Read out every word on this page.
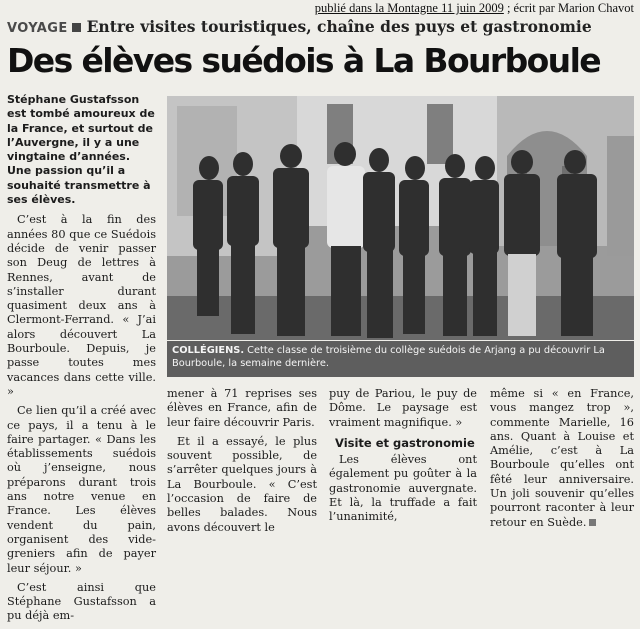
publié dans la Montagne 11 juin 2009 ; écrit par Marion Chavot
VOYAGE Entre visites touristiques, chaîne des puys et gastronomie
Des élèves suédois à La Bourboule

Stéphane Gustafsson est tombé amoureux de la France, et surtout de l’Auvergne, il y a une vingtaine d’années. Une passion qu’il a souhaité transmettre à ses élèves.

C’est à la fin des années 80 que ce Suédois décide de venir passer son Deug de lettres à Rennes, avant de s’installer durant quasiment deux ans à Clermont-Ferrand. « J’ai alors découvert La Bourboule. Depuis, je passe toutes mes vacances dans cette ville. »

Ce lien qu’il a créé avec ce pays, il a tenu à le faire partager. « Dans les établissements suédois où j’enseigne, nous préparons durant trois ans notre venue en France. Les élèves vendent du pain, organisent des vide-greniers afin de payer leur séjour. »

C’est ainsi que Stéphane Gustafsson a pu déjà em-

COLLÉGIENS. Cette classe de troisième du collège suédois de Arjang a pu découvrir La Bourboule, la semaine dernière.

mener à 71 reprises ses élèves en France, afin de leur faire découvrir Paris.

Et il a essayé, le plus souvent possible, de s’arrêter quelques jours à La Bourboule. « C’est l’occasion de faire de belles balades. Nous avons découvert le

puy de Pariou, le puy de Dôme. Le paysage est vraiment magnifique. »

Visite et gastronomie

Les élèves ont également pu goûter à la gastronomie auvergnate. Et là, la truffade a fait l’unanimité,

même si « en France, vous mangez trop », commente Marielle, 16 ans. Quant à Louise et Amélie, c’est à La Bourboule qu’elles ont fêté leur anniversaire. Un joli souvenir qu’elles pourront raconter à leur retour en Suède.
